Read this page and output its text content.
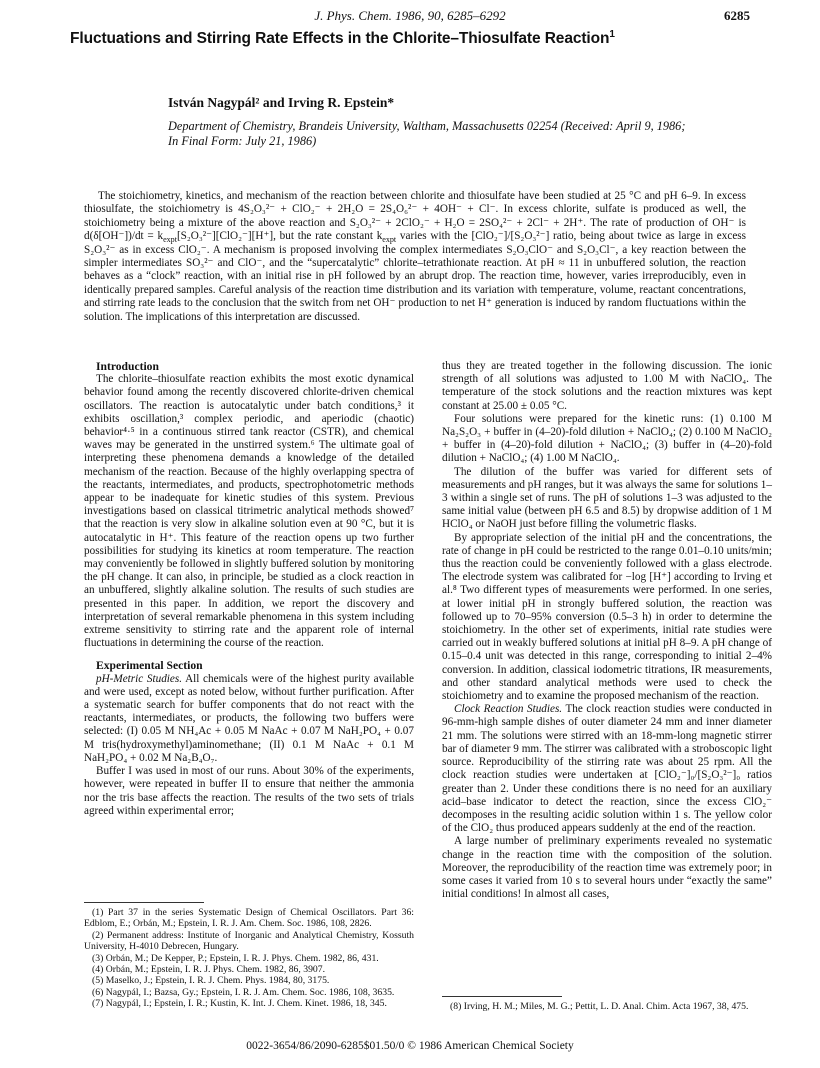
J. Phys. Chem. 1986, 90, 6285–6292	6285
Fluctuations and Stirring Rate Effects in the Chlorite–Thiosulfate Reaction$^1$
István Nagypál² and Irving R. Epstein*
Department of Chemistry, Brandeis University, Waltham, Massachusetts 02254 (Received: April 9, 1986;
In Final Form: July 21, 1986)
The stoichiometry, kinetics, and mechanism of the reaction between chlorite and thiosulfate have been studied at 25 °C and pH 6–9. In excess thiosulfate, the stoichiometry is 4S₂O₃²⁻ + ClO₂⁻ + 2H₂O = 2S₄O₆²⁻ + 4OH⁻ + Cl⁻. In excess chlorite, sulfate is produced as well, the stoichiometry being a mixture of the above reaction and S₂O₃²⁻ + 2ClO₂⁻ + H₂O = 2SO₄²⁻ + 2Cl⁻ + 2H⁺. The rate of production of OH⁻ is $d(\delta[OH^-])/dt = k_{expt}[S_2O_3^{2-}][ClO_2^-][H^+]$, but the rate constant $k_{expt}$ varies with the [ClO₂⁻]/[S₂O₃²⁻] ratio, being about twice as large in excess S₂O₃²⁻ as in excess ClO₂⁻. A mechanism is proposed involving the complex intermediates S₂O₃ClO⁻ and S₂O₃Cl⁻, a key reaction between the simpler intermediates SO₃²⁻ and ClO⁻, and the “supercatalytic” chlorite–tetrathionate reaction. At pH ≈ 11 in unbuffered solution, the reaction behaves as a “clock” reaction, with an initial rise in pH followed by an abrupt drop. The reaction time, however, varies irreproducibly, even in identically prepared samples. Careful analysis of the reaction time distribution and its variation with temperature, volume, reactant concentrations, and stirring rate leads to the conclusion that the switch from net OH⁻ production to net H⁺ generation is induced by random fluctuations within the solution. The implications of this interpretation are discussed.

Introduction

The chlorite–thiosulfate reaction exhibits the most exotic dynamical behavior found among the recently discovered chlorite-driven chemical oscillators. The reaction is autocatalytic under batch conditions,³ it exhibits oscillation,³ complex periodic, and aperiodic (chaotic) behavior⁴·⁵ in a continuous stirred tank reactor (CSTR), and chemical waves may be generated in the unstirred system.⁶ The ultimate goal of interpreting these phenomena demands a knowledge of the detailed mechanism of the reaction. Because of the highly overlapping spectra of the reactants, intermediates, and products, spectrophotometric methods appear to be inadequate for kinetic studies of this system. Previous investigations based on classical titrimetric analytical methods showed⁷ that the reaction is very slow in alkaline solution even at 90 °C, but it is autocatalytic in H⁺. This feature of the reaction opens up two further possibilities for studying its kinetics at room temperature. The reaction may conveniently be followed in slightly buffered solution by monitoring the pH change. It can also, in principle, be studied as a clock reaction in an unbuffered, slightly alkaline solution. The results of such studies are presented in this paper. In addition, we report the discovery and interpretation of several remarkable phenomena in this system including extreme sensitivity to stirring rate and the apparent role of internal fluctuations in determining the course of the reaction.

Experimental Section

pH-Metric Studies. All chemicals were of the highest purity available and were used, except as noted below, without further purification. After a systematic search for buffer components that do not react with the reactants, intermediates, or products, the following two buffers were selected: (I) 0.05 M NH₄Ac + 0.05 M NaAc + 0.07 M NaH₂PO₄ + 0.07 M tris(hydroxymethyl)aminomethane; (II) 0.1 M NaAc + 0.1 M NaH₂PO₄ + 0.02 M Na₂B₄O₇.

Buffer I was used in most of our runs. About 30% of the experiments, however, were repeated in buffer II to ensure that neither the ammonia nor the tris base affects the reaction. The results of the two sets of trials agreed within experimental error;

(1) Part 37 in the series Systematic Design of Chemical Oscillators. Part 36: Edblom, E.; Orbán, M.; Epstein, I. R. J. Am. Chem. Soc. 1986, 108, 2826.
(2) Permanent address: Institute of Inorganic and Analytical Chemistry, Kossuth University, H-4010 Debrecen, Hungary.
(3) Orbán, M.; De Kepper, P.; Epstein, I. R. J. Phys. Chem. 1982, 86, 431.
(4) Orbán, M.; Epstein, I. R. J. Phys. Chem. 1982, 86, 3907.
(5) Maselko, J.; Epstein, I. R. J. Chem. Phys. 1984, 80, 3175.
(6) Nagypál, I.; Bazsa, Gy.; Epstein, I. R. J. Am. Chem. Soc. 1986, 108, 3635.
(7) Nagypál, I.; Epstein, I. R.; Kustin, K. Int. J. Chem. Kinet. 1986, 18, 345.

thus they are treated together in the following discussion. The ionic strength of all solutions was adjusted to 1.00 M with NaClO₄. The temperature of the stock solutions and the reaction mixtures was kept constant at 25.00 ± 0.05 °C.

Four solutions were prepared for the kinetic runs: (1) 0.100 M Na₂S₂O₃ + buffer in (4–20)-fold dilution + NaClO₄; (2) 0.100 M NaClO₂ + buffer in (4–20)-fold dilution + NaClO₄; (3) buffer in (4–20)-fold dilution + NaClO₄; (4) 1.00 M NaClO₄.

The dilution of the buffer was varied for different sets of measurements and pH ranges, but it was always the same for solutions 1–3 within a single set of runs. The pH of solutions 1–3 was adjusted to the same initial value (between pH 6.5 and 8.5) by dropwise addition of 1 M HClO₄ or NaOH just before filling the volumetric flasks.

By appropriate selection of the initial pH and the concentrations, the rate of change in pH could be restricted to the range 0.01–0.10 units/min; thus the reaction could be conveniently followed with a glass electrode. The electrode system was calibrated for −log [H⁺] according to Irving et al.⁸ Two different types of measurements were performed. In one series, at lower initial pH in strongly buffered solution, the reaction was followed up to 70–95% conversion (0.5–3 h) in order to determine the stoichiometry. In the other set of experiments, initial rate studies were carried out in weakly buffered solutions at initial pH 8–9. A pH change of 0.15–0.4 unit was detected in this range, corresponding to initial 2–4% conversion. In addition, classical iodometric titrations, IR measurements, and other standard analytical methods were used to check the stoichiometry and to examine the proposed mechanism of the reaction.

Clock Reaction Studies. The clock reaction studies were conducted in 96-mm-high sample dishes of outer diameter 24 mm and inner diameter 21 mm. The solutions were stirred with an 18-mm-long magnetic stirrer bar of diameter 9 mm. The stirrer was calibrated with a stroboscopic light source. Reproducibility of the stirring rate was about 25 rpm. All the clock reaction studies were undertaken at [ClO₂⁻]₀/[S₂O₃²⁻]₀ ratios greater than 2. Under these conditions there is no need for an auxiliary acid–base indicator to detect the reaction, since the excess ClO₂⁻ decomposes in the resulting acidic solution within 1 s. The yellow color of the ClO₂ thus produced appears suddenly at the end of the reaction.

A large number of preliminary experiments revealed no systematic change in the reaction time with the composition of the solution. Moreover, the reproducibility of the reaction time was extremely poor; in some cases it varied from 10 s to several hours under “exactly the same” initial conditions! In almost all cases,

(8) Irving, H. M.; Miles, M. G.; Pettit, L. D. Anal. Chim. Acta 1967, 38, 475.
0022-3654/86/2090-6285$01.50/0 © 1986 American Chemical Society
